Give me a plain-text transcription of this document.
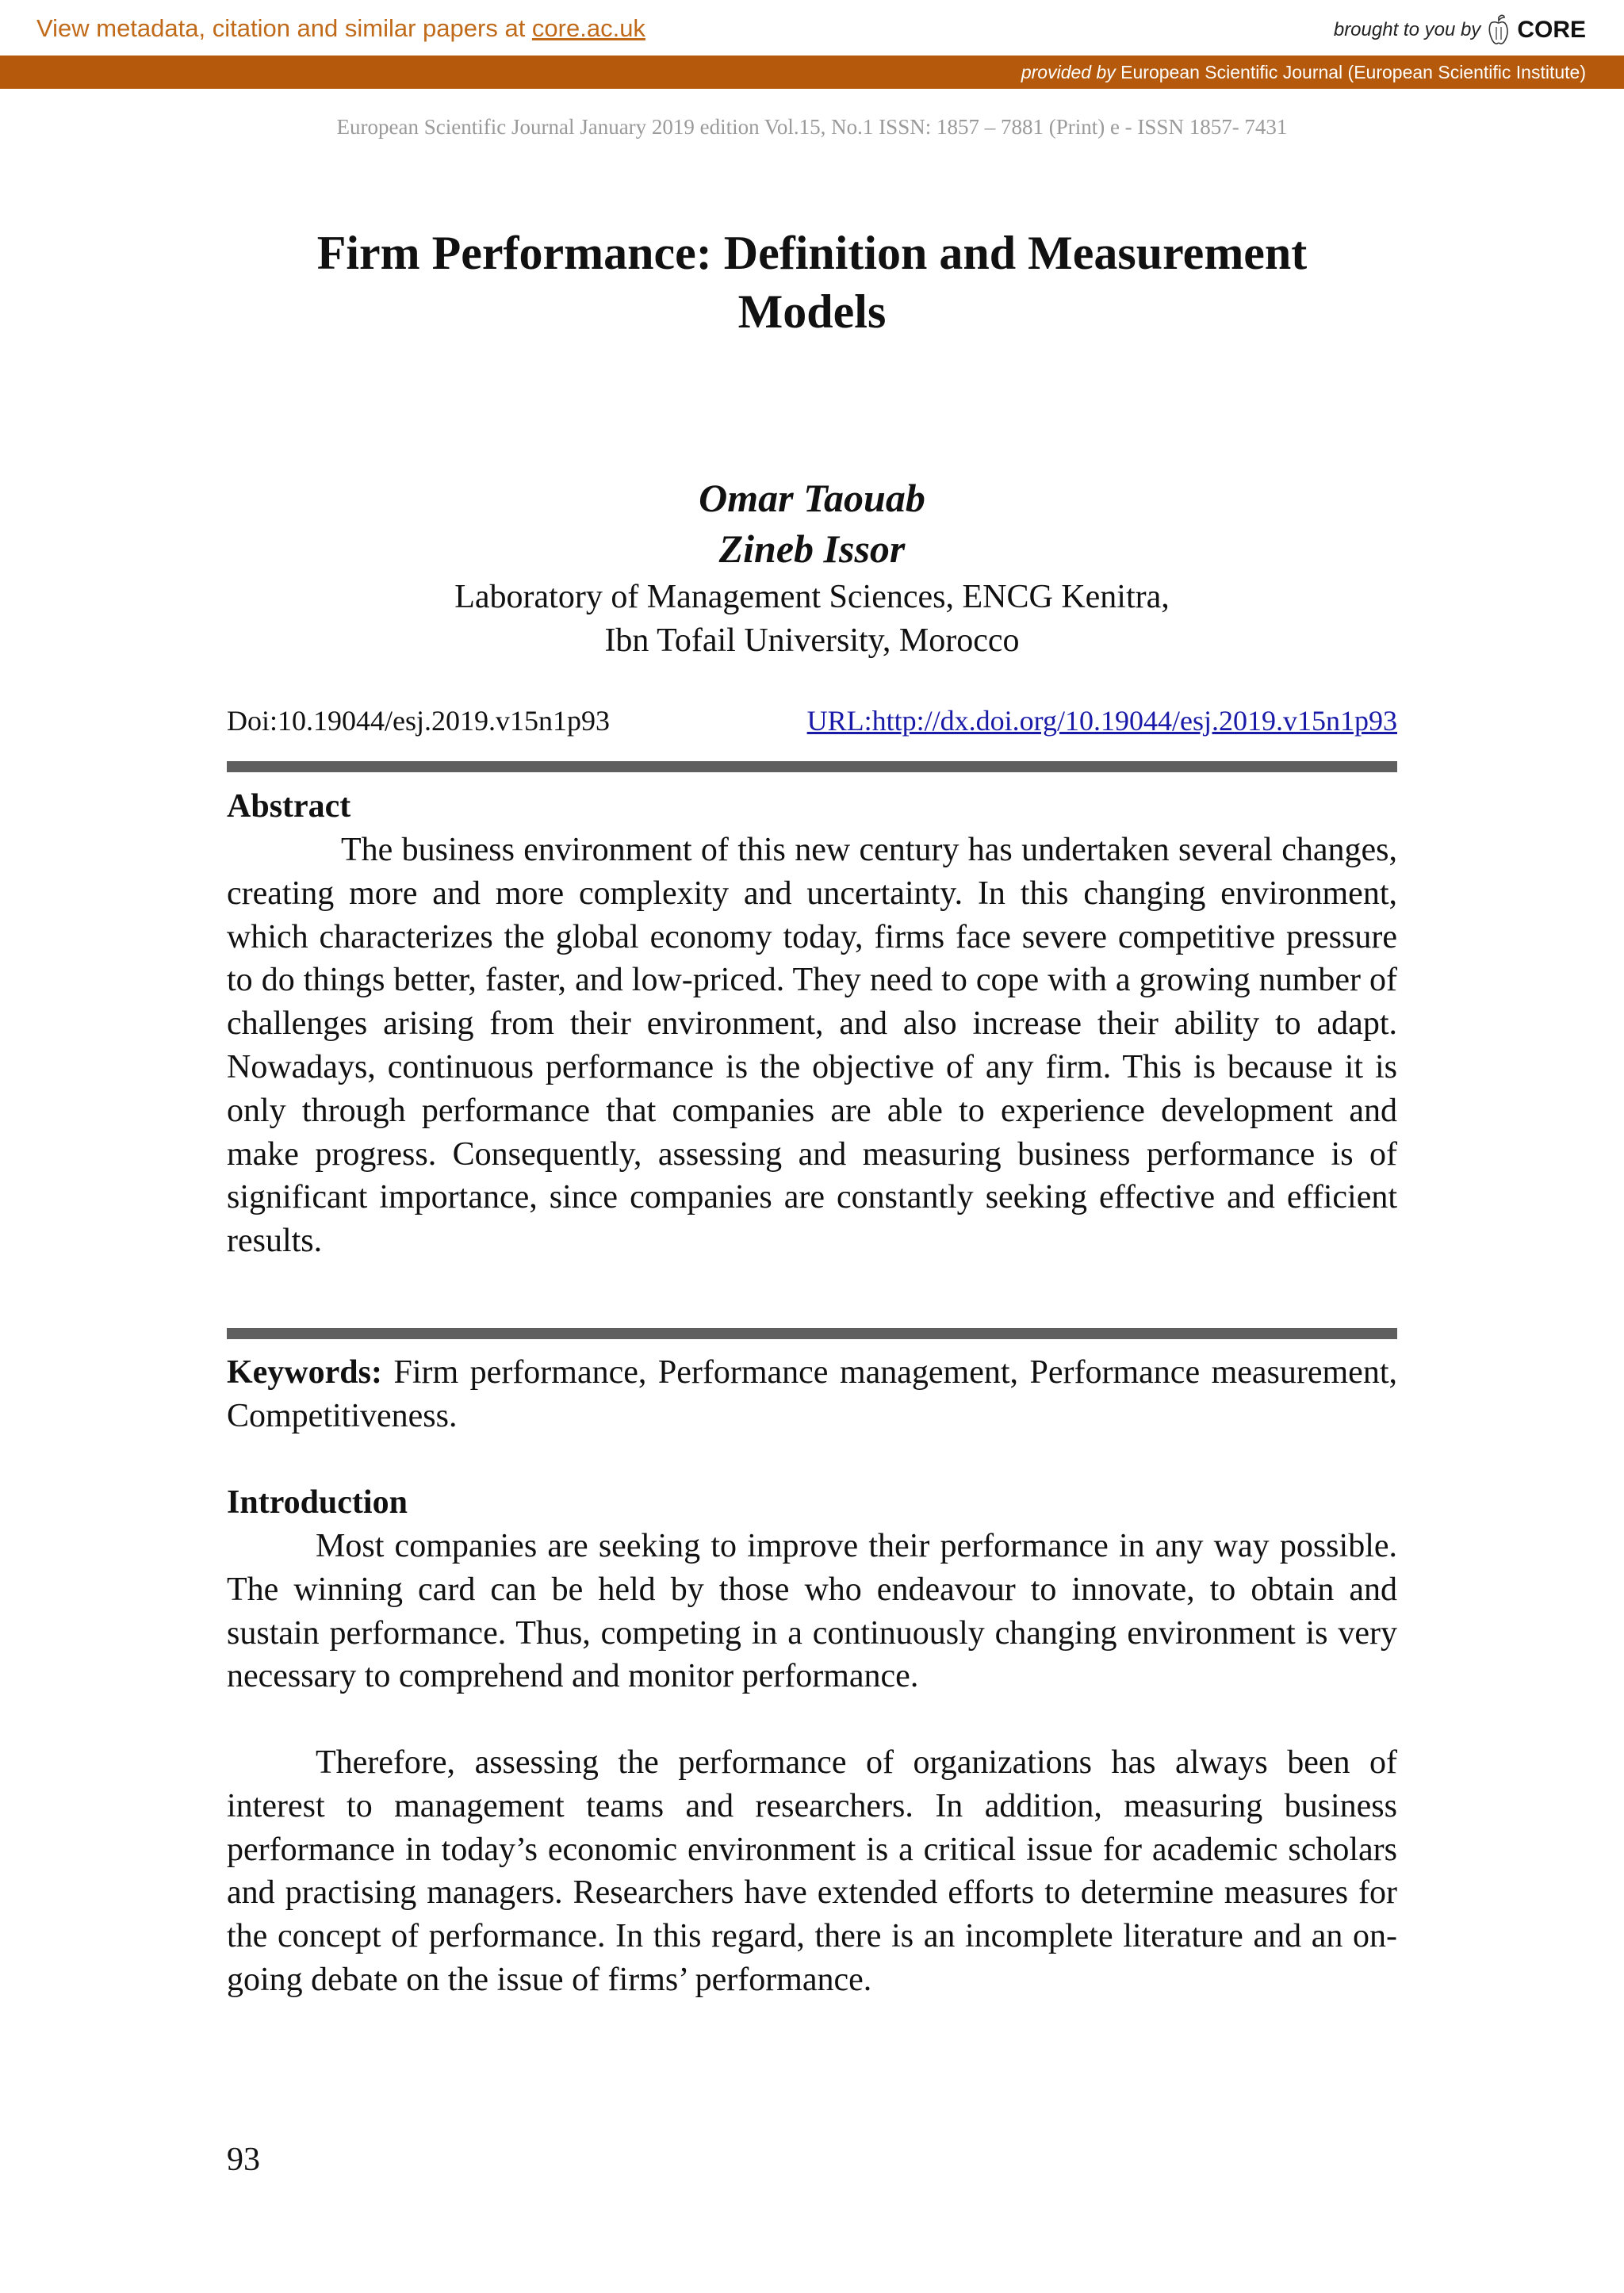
View metadata, citation and similar papers at core.ac.uk	brought to you by CORE
provided by European Scientific Journal (European Scientific Institute)
European Scientific Journal January 2019 edition Vol.15, No.1 ISSN: 1857 – 7881 (Print) e - ISSN 1857- 7431
Firm Performance: Definition and Measurement
Models
Omar Taouab
Zineb Issor
Laboratory of Management Sciences, ENCG Kenitra,
Ibn Tofail University, Morocco
Doi:10.19044/esj.2019.v15n1p93	URL:http://dx.doi.org/10.19044/esj.2019.v15n1p93
Abstract
The business environment of this new century has undertaken several changes, creating more and more complexity and uncertainty. In this changing environment, which characterizes the global economy today, firms face severe competitive pressure to do things better, faster, and low-priced. They need to cope with a growing number of challenges arising from their environment, and also increase their ability to adapt. Nowadays, continuous performance is the objective of any firm. This is because it is only through performance that companies are able to experience development and make progress. Consequently, assessing and measuring business performance is of significant importance, since companies are constantly seeking effective and efficient results.
Keywords: Firm performance, Performance management, Performance measurement, Competitiveness.
Introduction
Most companies are seeking to improve their performance in any way possible. The winning card can be held by those who endeavour to innovate, to obtain and sustain performance. Thus, competing in a continuously changing environment is very necessary to comprehend and monitor performance.
Therefore, assessing the performance of organizations has always been of interest to management teams and researchers. In addition, measuring business performance in today’s economic environment is a critical issue for academic scholars and practising managers. Researchers have extended efforts to determine measures for the concept of performance. In this regard, there is an incomplete literature and an on-going debate on the issue of firms’ performance.
93
